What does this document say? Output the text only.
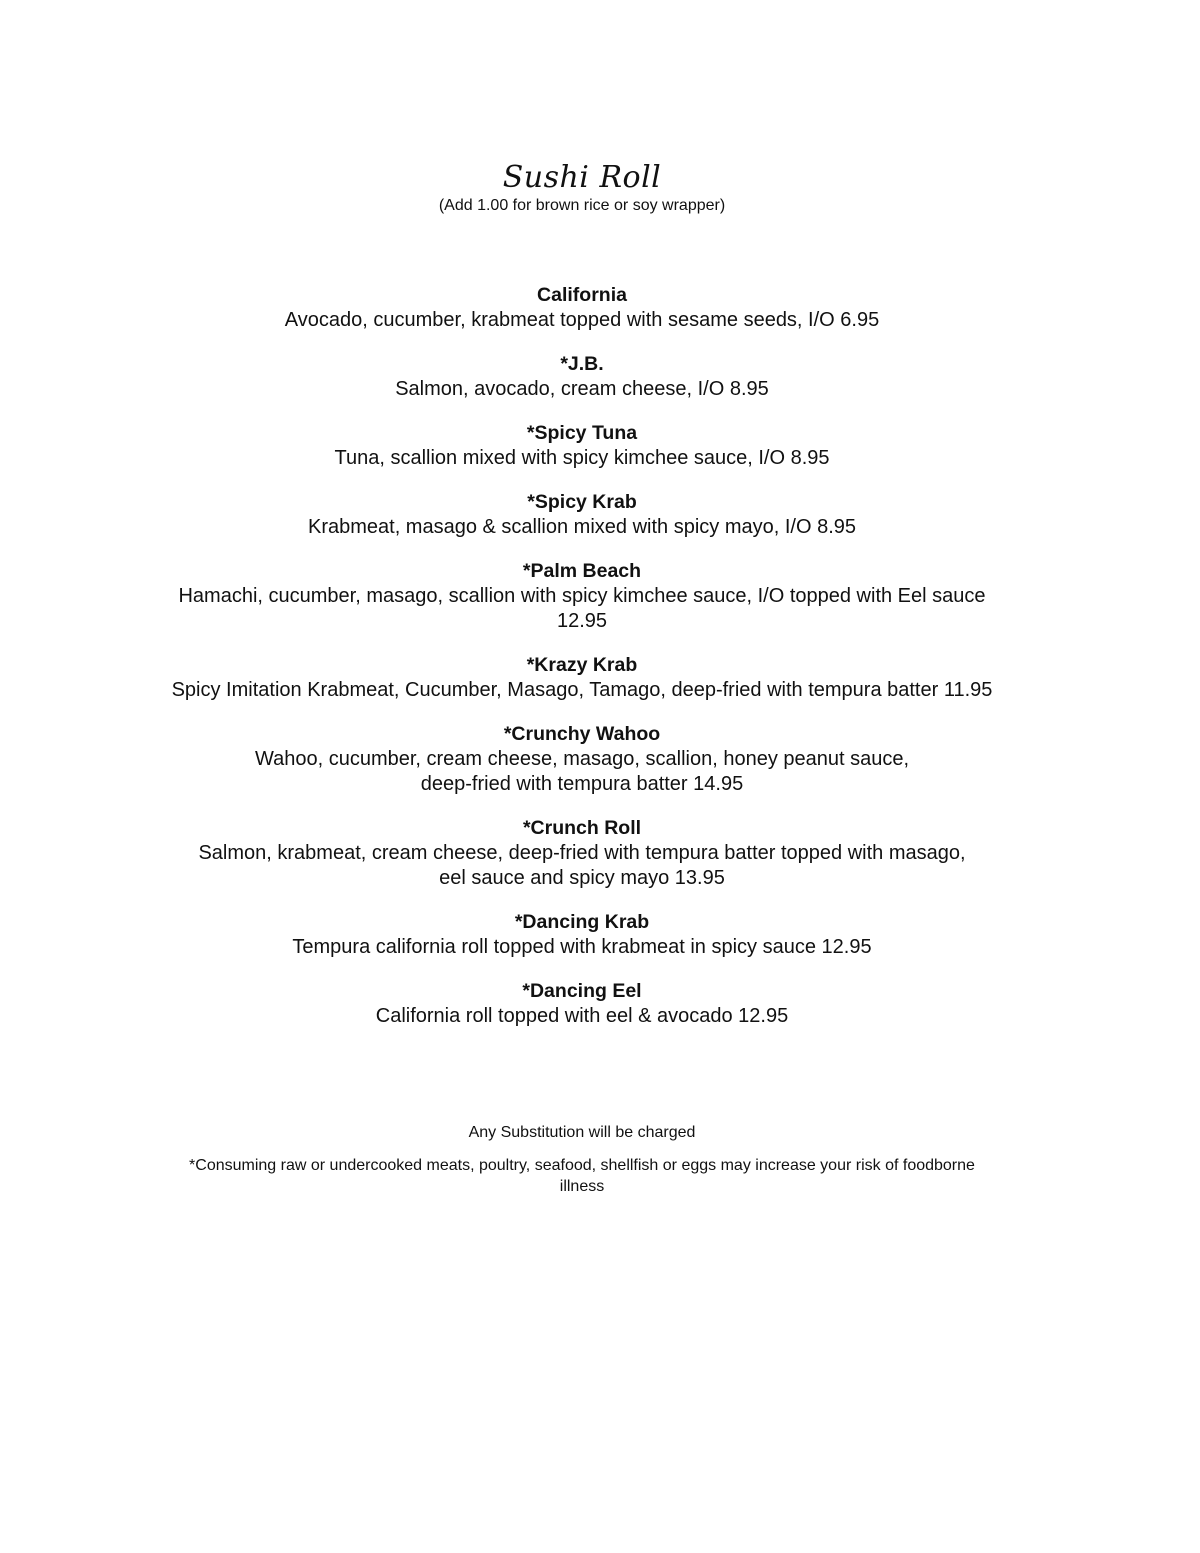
Sushi Roll
(Add 1.00 for brown rice or soy wrapper)
California
Avocado, cucumber, krabmeat topped with sesame seeds, I/O 6.95
*J.B.
Salmon, avocado, cream cheese, I/O 8.95
*Spicy Tuna
Tuna, scallion mixed with spicy kimchee sauce, I/O 8.95
*Spicy Krab
Krabmeat, masago & scallion mixed with spicy mayo, I/O 8.95
*Palm Beach
Hamachi, cucumber, masago, scallion with spicy kimchee sauce, I/O topped with Eel sauce
12.95
*Krazy Krab
Spicy Imitation Krabmeat, Cucumber, Masago, Tamago, deep-fried with tempura batter 11.95
*Crunchy Wahoo
Wahoo, cucumber, cream cheese, masago, scallion, honey peanut sauce,
deep-fried with tempura batter 14.95
*Crunch Roll
Salmon, krabmeat, cream cheese, deep-fried with tempura batter topped with masago,
eel sauce and spicy mayo 13.95
*Dancing Krab
Tempura california roll topped with krabmeat in spicy sauce 12.95
*Dancing Eel
California roll topped with eel & avocado 12.95
Any Substitution will be charged
*Consuming raw or undercooked meats, poultry, seafood, shellfish or eggs may increase your risk of foodborne
illness
